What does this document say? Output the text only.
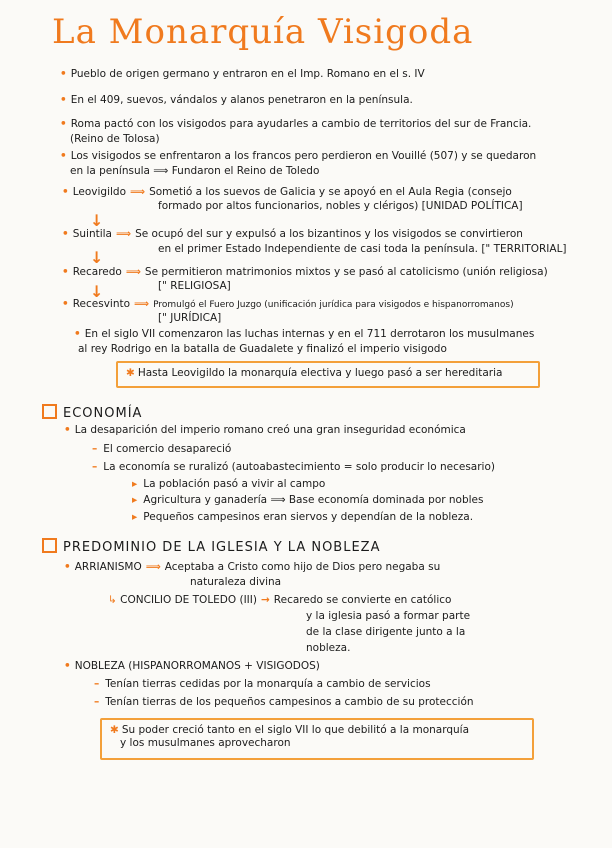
La Monarquía Visigoda
• Pueblo de origen germano y entraron en el Imp. Romano en el s. IV
• En el 409, suevos, vándalos y alanos penetraron en la península.
• Roma pactó con los visigodos para ayudarles a cambio de territorios del sur de Francia.
(Reino de Tolosa)
• Los visigodos se enfrentaron a los francos pero perdieron en Vouillé (507) y se quedaron
en la península ⟹ Fundaron el Reino de Toledo
• Leovigildo ⟹ Sometió a los suevos de Galicia y se apoyó en el Aula Regia (consejo
formado por altos funcionarios, nobles y clérigos) [UNIDAD POLÍTICA]
↓
• Suintila ⟹ Se ocupó del sur y expulsó a los bizantinos y los visigodos se convirtieron
en el primer Estado Independiente de casi toda la península. [" TERRITORIAL]
↓
• Recaredo ⟹ Se permitieron matrimonios mixtos y se pasó al catolicismo (unión religiosa)
[" RELIGIOSA]
↓
• Recesvinto ⟹ Promulgó el Fuero Juzgo (unificación jurídica para visigodos e hispanorromanos)
[" JURÍDICA]
• En el siglo VII comenzaron las luchas internas y en el 711 derrotaron los musulmanes
al rey Rodrigo en la batalla de Guadalete y finalizó el imperio visigodo
✱ Hasta Leovigildo la monarquía electiva y luego pasó a ser hereditaria
ECONOMÍA
• La desaparición del imperio romano creó una gran inseguridad económica
– El comercio desapareció
– La economía se ruralizó (autoabastecimiento = solo producir lo necesario)
▸ La población pasó a vivir al campo
▸ Agricultura y ganadería ⟹ Base economía dominada por nobles
▸ Pequeños campesinos eran siervos y dependían de la nobleza.
PREDOMINIO DE LA IGLESIA Y LA NOBLEZA
• ARRIANISMO ⟹ Aceptaba a Cristo como hijo de Dios pero negaba su
naturaleza divina
↳ CONCILIO DE TOLEDO (III) → Recaredo se convierte en católico
y la iglesia pasó a formar parte
de la clase dirigente junto a la
nobleza.
• NOBLEZA (HISPANORROMANOS + VISIGODOS)
– Tenían tierras cedidas por la monarquía a cambio de servicios
– Tenían tierras de los pequeños campesinos a cambio de su protección
✱ Su poder creció tanto en el siglo VII lo que debilitó a la monarquía
y los musulmanes aprovecharon
